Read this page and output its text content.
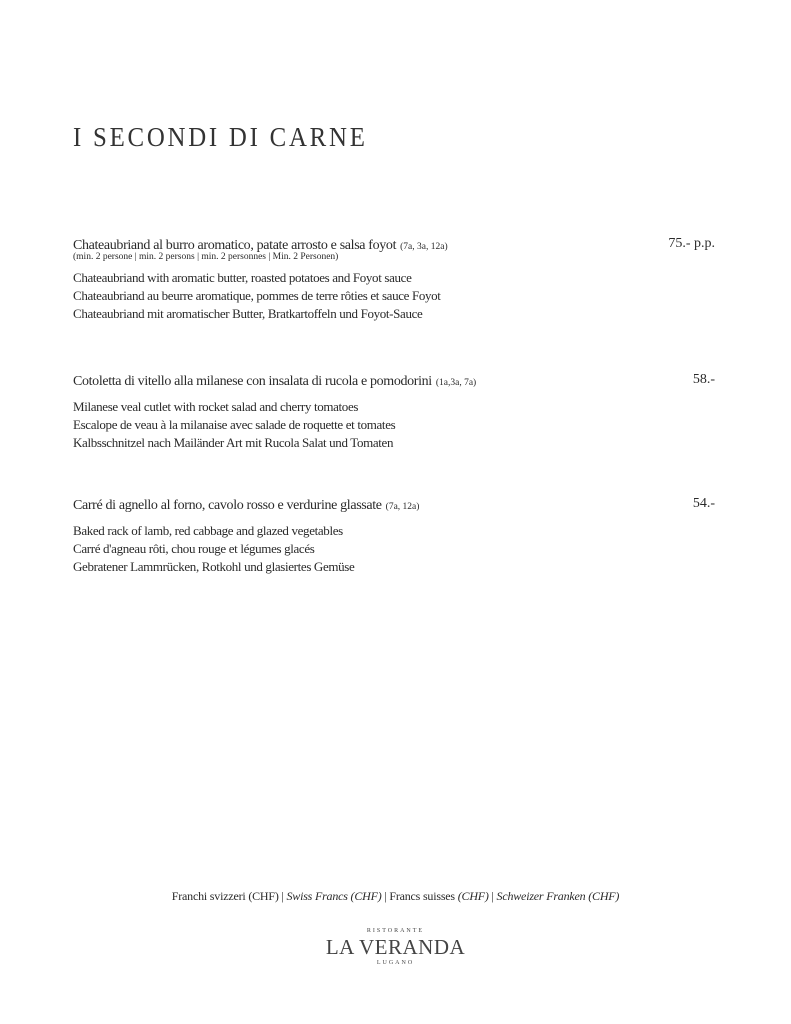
I SECONDI DI CARNE
Chateaubriand al burro aromatico, patate arrosto e salsa foyot (7a, 3a, 12a)	75.- p.p.
(min. 2 persone | min. 2 persons | min. 2 personnes | Min. 2 Personen)
Chateaubriand with aromatic butter, roasted potatoes and Foyot sauce
Chateaubriand au beurre aromatique, pommes de terre rôties et sauce Foyot
Chateaubriand mit aromatischer Butter, Bratkartoffeln und Foyot-Sauce
Cotoletta di vitello alla milanese con insalata di rucola e pomodorini (1a,3a, 7a)	58.-
Milanese veal cutlet with rocket salad and cherry tomatoes
Escalope de veau à la milanaise avec salade de roquette et tomates
Kalbsschnitzel nach Mailänder Art mit Rucola Salat und Tomaten
Carré di agnello al forno, cavolo rosso e verdurine glassate (7a, 12a)	54.-
Baked rack of lamb, red cabbage and glazed vegetables
Carré d'agneau rôti, chou rouge et légumes glacés
Gebratener Lammrücken, Rotkohl und glasiertes Gemüse
Franchi svizzeri (CHF) | Swiss Francs (CHF) | Francs suisses (CHF) | Schweizer Franken (CHF)
RISTORANTE
LA VERANDA
LUGANO
